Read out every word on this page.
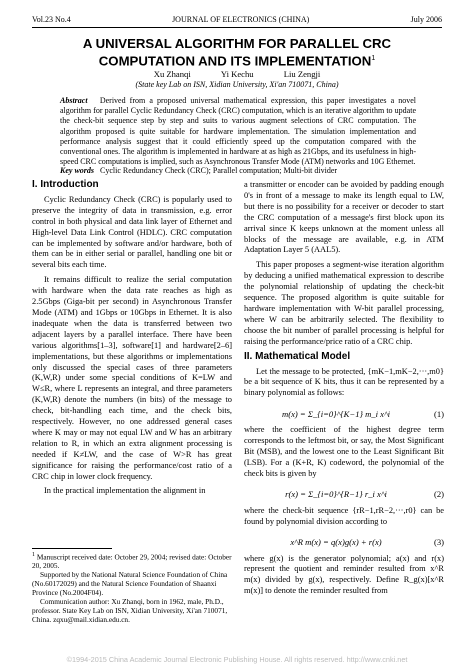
Vol.23 No.4	JOURNAL OF ELECTRONICS (CHINA)	July 2006
A UNIVERSAL ALGORITHM FOR PARALLEL CRC COMPUTATION AND ITS IMPLEMENTATION$^1$
Xu Zhanqi	Yi Kechu	Liu Zengji
(State key Lab on ISN, Xidian University, Xi'an 710071, China)
Abstract Derived from a proposed universal mathematical expression, this paper investigates a novel algorithm for parallel Cyclic Redundancy Check (CRC) computation, which is an iterative algorithm to update the check-bit sequence step by step and suits to various augment selections of CRC computation. The algorithm proposed is quite suitable for hardware implementation. The simulation implementation and performance analysis suggest that it could efficiently speed up the computation compared with the conventional ones. The algorithm is implemented in hardware at as high as 21Gbps, and its usefulness in high-speed CRC computations is implied, such as Asynchronous Transfer Mode (ATM) networks and 10G Ethernet.
Key words Cyclic Redundancy Check (CRC); Parallel computation; Multi-bit divider
I. Introduction

Cyclic Redundancy Check (CRC) is popularly used to preserve the integrity of data in transmission, e.g. error control in both physical and data link layer of Ethernet and High-level Data Link Control (HDLC). CRC computation can be implemented by software and/or hardware, both of them can be in either serial or parallel, handling one bit or several bits each time.

It remains difficult to realize the serial computation with hardware when the data rate reaches as high as 2.5Gbps (Giga-bit per second) in Asynchronous Transfer Mode (ATM) and 1Gbps or 10Gbps in Ethernet. It is also inadequate when the data is transferred between two adjacent layers by a parallel interface. There have been various algorithms[1–3], software[1] and hardware[2–6] implementations, but these algorithms or implementations only discussed the special cases of three parameters (K,W,R) under some special conditions of K=LW and W≤R, where L represents an integral, and three parameters (K,W,R) denote the numbers (in bits) of the message to check, bit-handling each time, and the check bits, respectively. However, no one addressed general cases where K may or may not equal LW and W has an arbitrary relation to R, in which an extra alignment processing is needed if K≠LW, and the case of W>R has great significance for raising the performance/cost ratio of a CRC chip in lower clock frequency.

In the practical implementation the alignment in

$^1$ Manuscript received date: October 29, 2004; revised date: October 20, 2005.

Supported by the National Natural Science Foundation of China (No.60172029) and the Natural Science Foundation of Shaanxi Province (No.2004F04).

Communication author: Xu Zhanqi, born in 1962, male, Ph.D., professor. State Key Lab on ISN, Xidian University, Xi'an 710071, China. zqxu@mail.xidian.edu.cn.

a transmitter or encoder can be avoided by padding enough 0's in front of a message to make its length equal to LW, but there is no possibility for a receiver or decoder to start the CRC computation of a message's first block upon its arrival since K keeps unknown at the moment unless all blocks of the message are available, e.g. in ATM Adaptation Layer 5 (AAL5).

This paper proposes a segment-wise iteration algorithm by deducing a unified mathematical expression to describe the polynomial relationship of updating the check-bit sequence. The proposed algorithm is quite suitable for hardware implementation with W-bit parallel processing, where W can be arbitrarily selected. The flexibility to choose the bit number of parallel processing is helpful for raising the performance/price ratio of a CRC chip.

II. Mathematical Model

Let the message to be protected, {mK−1,mK−2,···,m0} be a bit sequence of K bits, thus it can be represented by a binary polynomial as follows:

m(x) = Σ_{i=0}^{K−1} m_i x^i	(1)

where the coefficient of the highest degree term corresponds to the leftmost bit, or say, the Most Significant Bit (MSB), and the lowest one to the Least Significant Bit (LSB). For a (K+R, K) codeword, the polynomial of the check bits is given by

r(x) = Σ_{i=0}^{R−1} r_i x^i	(2)

where the check-bit sequence {rR−1,rR−2,···,r0} can be found by polynomial division according to

x^R m(x) = q(x)g(x) + r(x)	(3)

where g(x) is the generator polynomial; a(x) and r(x) represent the quotient and reminder resulted from x^R m(x) divided by g(x), respectively. Define R_g(x)[x^R m(x)] to denote the reminder resulted from

©1994-2015 China Academic Journal Electronic Publishing House. All rights reserved. http://www.cnki.net
